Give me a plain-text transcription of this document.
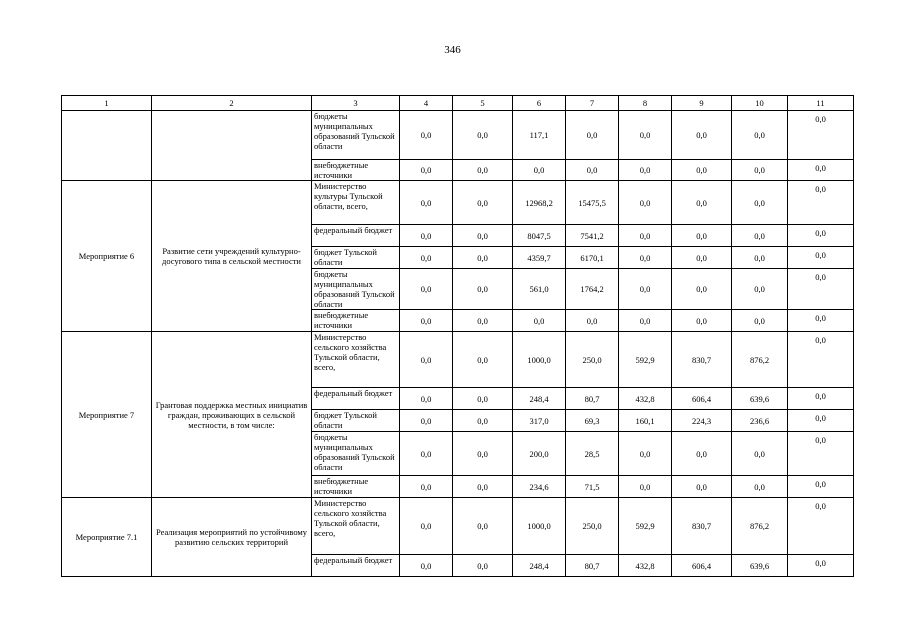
346
1	2	3	4	5	6	7	8	9	10	11
		бюджеты муниципальных образований Тульской области	0,0	0,0	117,1	0,0	0,0	0,0	0,0	0,0
		внебюджетные источники	0,0	0,0	0,0	0,0	0,0	0,0	0,0	0,0
Мероприятие 6	Развитие сети учреждений культурно-досугового типа в сельской местности	Министерство культуры Тульской области, всего,	0,0	0,0	12968,2	15475,5	0,0	0,0	0,0	0,0
		федеральный бюджет	0,0	0,0	8047,5	7541,2	0,0	0,0	0,0	0,0
		бюджет Тульской области	0,0	0,0	4359,7	6170,1	0,0	0,0	0,0	0,0
		бюджеты муниципальных образований Тульской области	0,0	0,0	561,0	1764,2	0,0	0,0	0,0	0,0
		внебюджетные источники	0,0	0,0	0,0	0,0	0,0	0,0	0,0	0,0
Мероприятие 7	Грантовая поддержка местных инициатив граждан, проживающих в сельской местности, в том числе:	Министерство сельского хозяйства Тульской области, всего,	0,0	0,0	1000,0	250,0	592,9	830,7	876,2	0,0
		федеральный бюджет	0,0	0,0	248,4	80,7	432,8	606,4	639,6	0,0
		бюджет Тульской области	0,0	0,0	317,0	69,3	160,1	224,3	236,6	0,0
		бюджеты муниципальных образований Тульской области	0,0	0,0	200,0	28,5	0,0	0,0	0,0	0,0
		внебюджетные источники	0,0	0,0	234,6	71,5	0,0	0,0	0,0	0,0
Мероприятие 7.1	Реализация мероприятий по устойчивому развитию сельских территорий	Министерство сельского хозяйства Тульской области, всего,	0,0	0,0	1000,0	250,0	592,9	830,7	876,2	0,0
		федеральный бюджет	0,0	0,0	248,4	80,7	432,8	606,4	639,6	0,0
